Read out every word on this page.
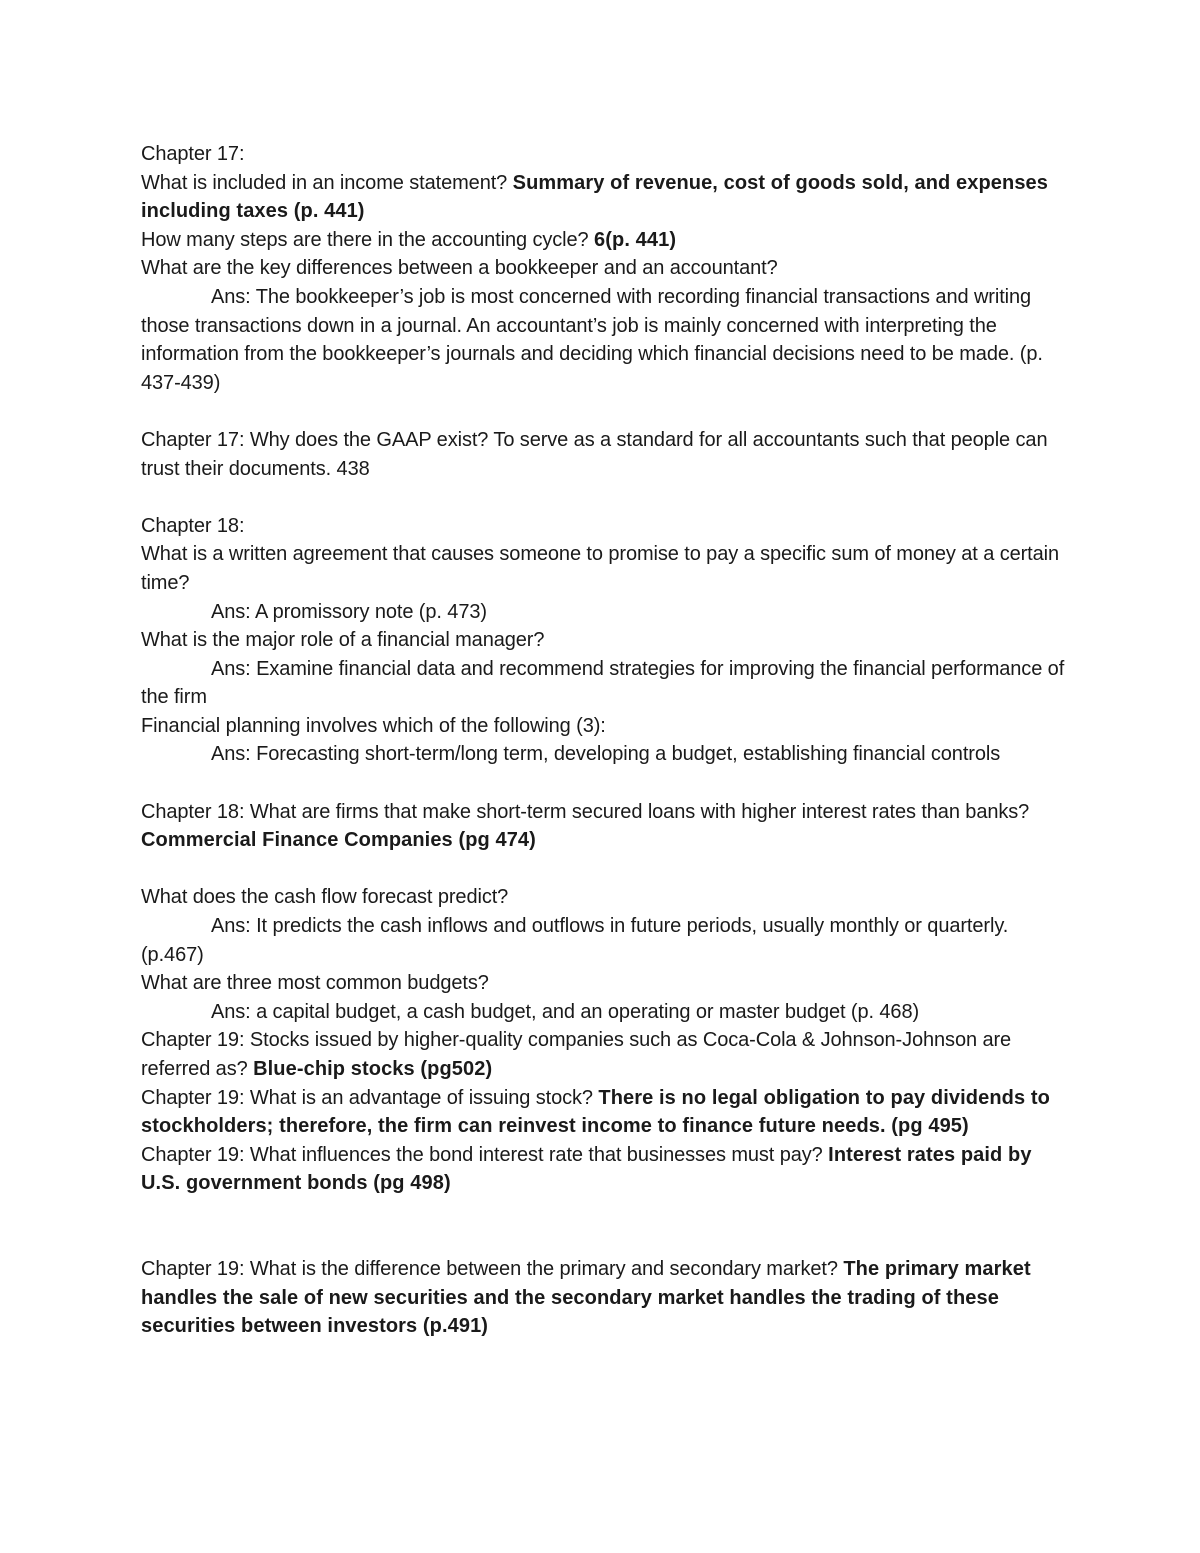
Chapter 17:

What is included in an income statement? Summary of revenue, cost of goods sold, and expenses including taxes (p. 441)

How many steps are there in the accounting cycle? 6(p. 441)

What are the key differences between a bookkeeper and an accountant?

Ans: The bookkeeper’s job is most concerned with recording financial transactions and writing those transactions down in a journal. An accountant’s job is mainly concerned with interpreting the information from the bookkeeper’s journals and deciding which financial decisions need to be made. (p. 437-439)

Chapter 17: Why does the GAAP exist? To serve as a standard for all accountants such that people can trust their documents. 438

Chapter 18:

What is a written agreement that causes someone to promise to pay a specific sum of money at a certain time?

Ans: A promissory note (p. 473)

What is the major role of a financial manager?

Ans: Examine financial data and recommend strategies for improving the financial performance of the firm

Financial planning involves which of the following (3):

Ans: Forecasting short-term/long term, developing a budget, establishing financial controls

Chapter 18: What are firms that make short-term secured loans with higher interest rates than banks? Commercial Finance Companies (pg 474)

What does the cash flow forecast predict?

Ans: It predicts the cash inflows and outflows in future periods, usually monthly or quarterly. (p.467)

What are three most common budgets?

Ans: a capital budget, a cash budget, and an operating or master budget (p. 468)

Chapter 19: Stocks issued by higher-quality companies such as Coca-Cola & Johnson-Johnson are referred as? Blue-chip stocks (pg502)

Chapter 19: What is an advantage of issuing stock? There is no legal obligation to pay dividends to stockholders; therefore, the firm can reinvest income to finance future needs. (pg 495)

Chapter 19: What influences the bond interest rate that businesses must pay? Interest rates paid by U.S. government bonds (pg 498)

Chapter 19: What is the difference between the primary and secondary market? The primary market handles the sale of new securities and the secondary market handles the trading of these securities between investors (p.491)
